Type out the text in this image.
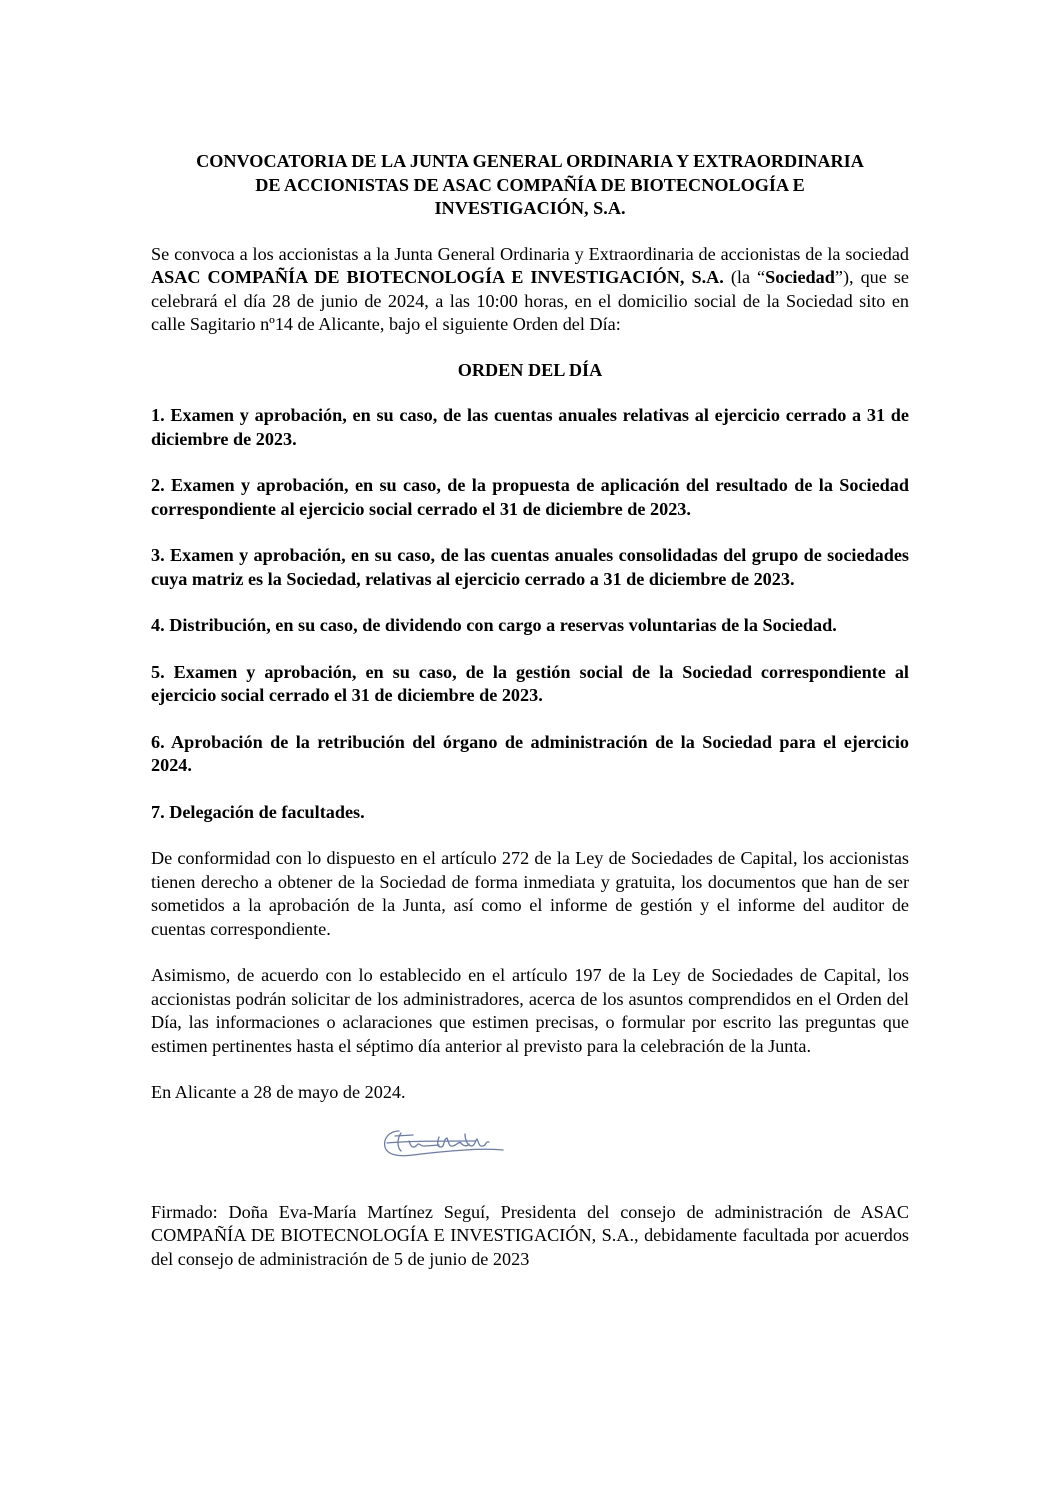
CONVOCATORIA DE LA JUNTA GENERAL ORDINARIA Y EXTRAORDINARIA
DE ACCIONISTAS DE ASAC COMPAÑÍA DE BIOTECNOLOGÍA E
INVESTIGACIÓN, S.A.

Se convoca a los accionistas a la Junta General Ordinaria y Extraordinaria de accionistas de la sociedad ASAC COMPAÑÍA DE BIOTECNOLOGÍA E INVESTIGACIÓN, S.A. (la “Sociedad”), que se celebrará el día 28 de junio de 2024, a las 10:00 horas, en el domicilio social de la Sociedad sito en calle Sagitario nº14 de Alicante, bajo el siguiente Orden del Día:

ORDEN DEL DÍA

1. Examen y aprobación, en su caso, de las cuentas anuales relativas al ejercicio cerrado a 31 de diciembre de 2023.

2. Examen y aprobación, en su caso, de la propuesta de aplicación del resultado de la Sociedad correspondiente al ejercicio social cerrado el 31 de diciembre de 2023.

3. Examen y aprobación, en su caso, de las cuentas anuales consolidadas del grupo de sociedades cuya matriz es la Sociedad, relativas al ejercicio cerrado a 31 de diciembre de 2023.

4. Distribución, en su caso, de dividendo con cargo a reservas voluntarias de la Sociedad.

5. Examen y aprobación, en su caso, de la gestión social de la Sociedad correspondiente al ejercicio social cerrado el 31 de diciembre de 2023.

6. Aprobación de la retribución del órgano de administración de la Sociedad para el ejercicio 2024.

7. Delegación de facultades.

De conformidad con lo dispuesto en el artículo 272 de la Ley de Sociedades de Capital, los accionistas tienen derecho a obtener de la Sociedad de forma inmediata y gratuita, los documentos que han de ser sometidos a la aprobación de la Junta, así como el informe de gestión y el informe del auditor de cuentas correspondiente.

Asimismo, de acuerdo con lo establecido en el artículo 197 de la Ley de Sociedades de Capital, los accionistas podrán solicitar de los administradores, acerca de los asuntos comprendidos en el Orden del Día, las informaciones o aclaraciones que estimen precisas, o formular por escrito las preguntas que estimen pertinentes hasta el séptimo día anterior al previsto para la celebración de la Junta.

En Alicante a 28 de mayo de 2024.

Firmado: Doña Eva-María Martínez Seguí, Presidenta del consejo de administración de ASAC COMPAÑÍA DE BIOTECNOLOGÍA E INVESTIGACIÓN, S.A., debidamente facultada por acuerdos del consejo de administración de 5 de junio de 2023
